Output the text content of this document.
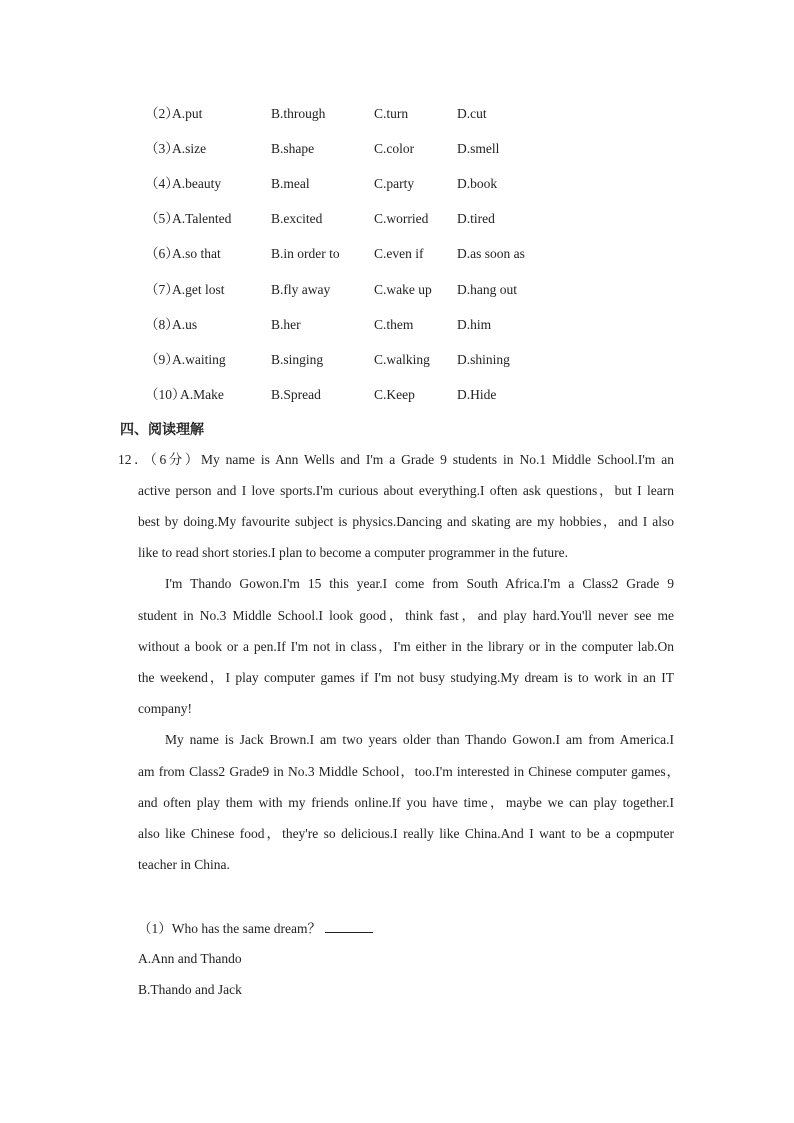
（2）
A.put	B.through	C.turn	D.cut
（3）
A.size	B.shape	C.color	D.smell
（4）
A.beauty	B.meal	C.party	D.book
（5）
A.Talented	B.excited	C.worried D.tired
（6）
A.so that	B.in order to	C.even if D.as soon as
（7）
A.get lost	B.fly away	C.wake up D.hang out
（8）
A.us	B.her	C.them	D.him
（9）
A.waiting	B.singing	C.walking D.shining
（10）
A.Make	B.Spread	C.Keep	D.Hide
四、阅读理解
12．（6分）My name is Ann Wells and I'm a Grade 9 students in No.1 Middle School.I'm an
active person and I love sports.I'm curious about everything.I often ask questions，but I learn
best by doing.My favourite subject is physics.Dancing and skating are my hobbies，and I also
like to read short stories.I plan to become a computer programmer in the future.
I'm Thando Gowon.I'm 15 this year.I come from South Africa.I'm a Class2 Grade 9
student in No.3 Middle School.I look good，think fast，and play hard.You'll never see me
without a book or a pen.If I'm not in class，I'm either in the library or in the computer lab.On
the weekend，I play computer games if I'm not busy studying.My dream is to work in an IT
company!
My name is Jack Brown.I am two years older than Thando Gowon.I am from America.I
am from Class2 Grade9 in No.3 Middle School，too.I'm interested in Chinese computer games，
and often play them with my friends online.If you have time，maybe we can play together.I
also like Chinese food，they're so delicious.I really like China.And I want to be a copmputer
teacher in China.
（1）Who has the same dream？
A.Ann and Thando
B.Thando and Jack
